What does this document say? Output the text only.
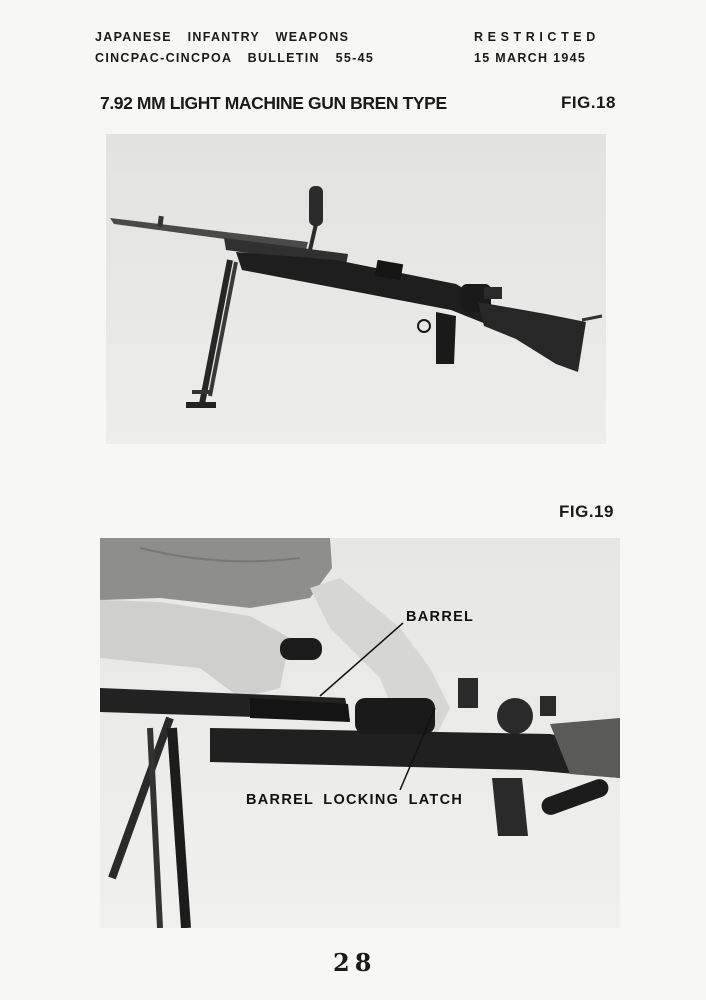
JAPANESE INFANTRY WEAPONS
CINCPAC-CINCPOA BULLETIN 55-45
RESTRICTED
15 MARCH 1945
7.92 MM LIGHT MACHINE GUN BREN TYPE	FIG.18
FIG.19
BARREL
BARREL LOCKING LATCH
28
